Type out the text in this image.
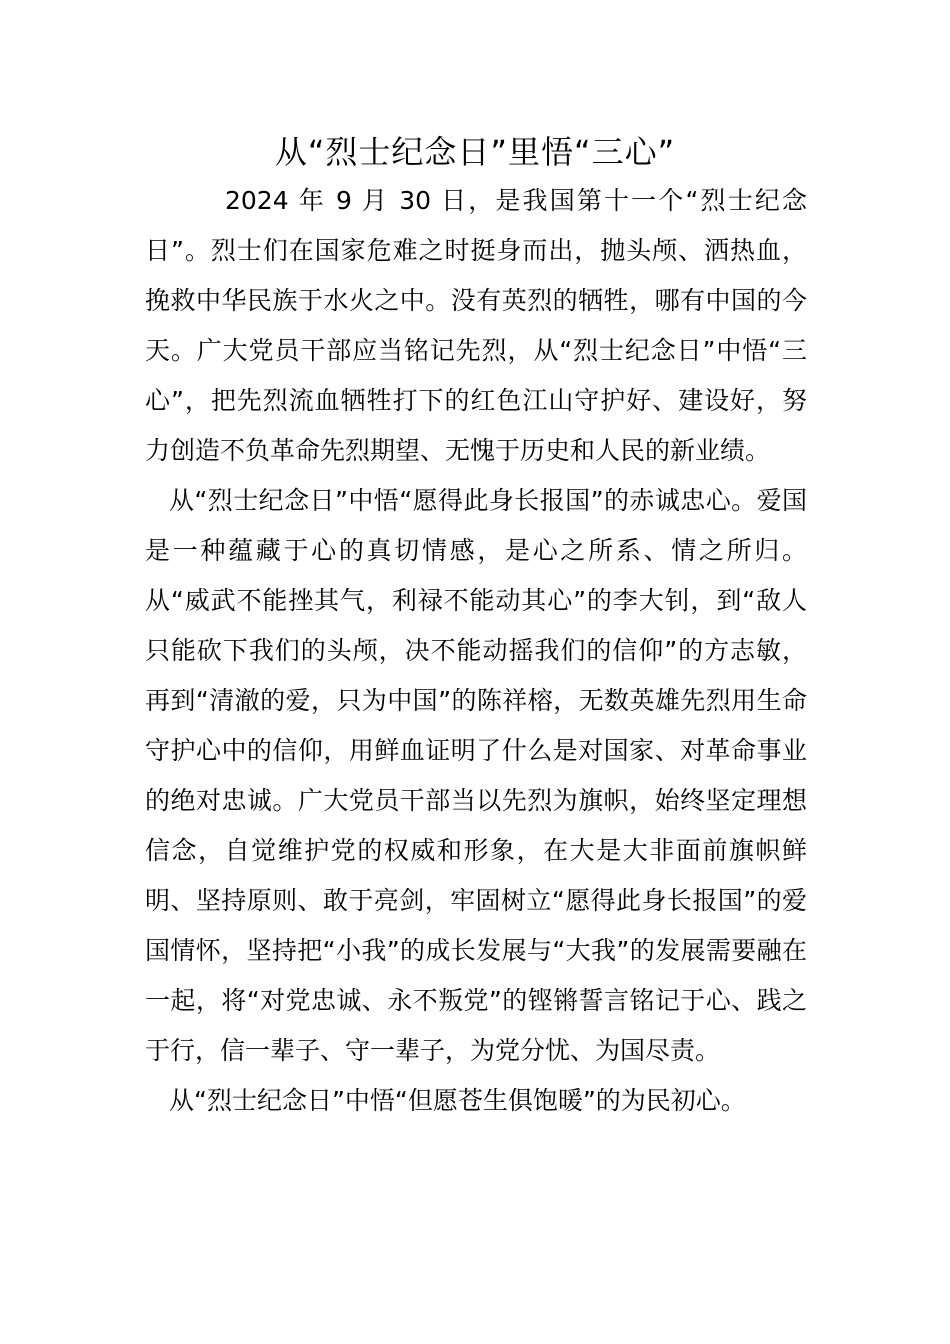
从“烈士纪念日”里悟“三心”

2024 年 9 月 30 日，是我国第十一个“烈士纪念日”。烈士们在国家危难之时挺身而出，抛头颅、洒热血，挽救中华民族于水火之中。没有英烈的牺牲，哪有中国的今天。广大党员干部应当铭记先烈，从“烈士纪念日”中悟“三心”，把先烈流血牺牲打下的红色江山守护好、建设好，努力创造不负革命先烈期望、无愧于历史和人民的新业绩。

从“烈士纪念日”中悟“愿得此身长报国”的赤诚忠心。爱国是一种蕴藏于心的真切情感，是心之所系、情之所归。从“威武不能挫其气，利禄不能动其心”的李大钊，到“敌人只能砍下我们的头颅，决不能动摇我们的信仰”的方志敏，再到“清澈的爱，只为中国”的陈祥榕，无数英雄先烈用生命守护心中的信仰，用鲜血证明了什么是对国家、对革命事业的绝对忠诚。广大党员干部当以先烈为旗帜，始终坚定理想信念，自觉维护党的权威和形象，在大是大非面前旗帜鲜明、坚持原则、敢于亮剑，牢固树立“愿得此身长报国”的爱国情怀，坚持把“小我”的成长发展与“大我”的发展需要融在一起，将“对党忠诚、永不叛党”的铿锵誓言铭记于心、践之于行，信一辈子、守一辈子，为党分忧、为国尽责。

从“烈士纪念日”中悟“但愿苍生俱饱暖”的为民初心。
